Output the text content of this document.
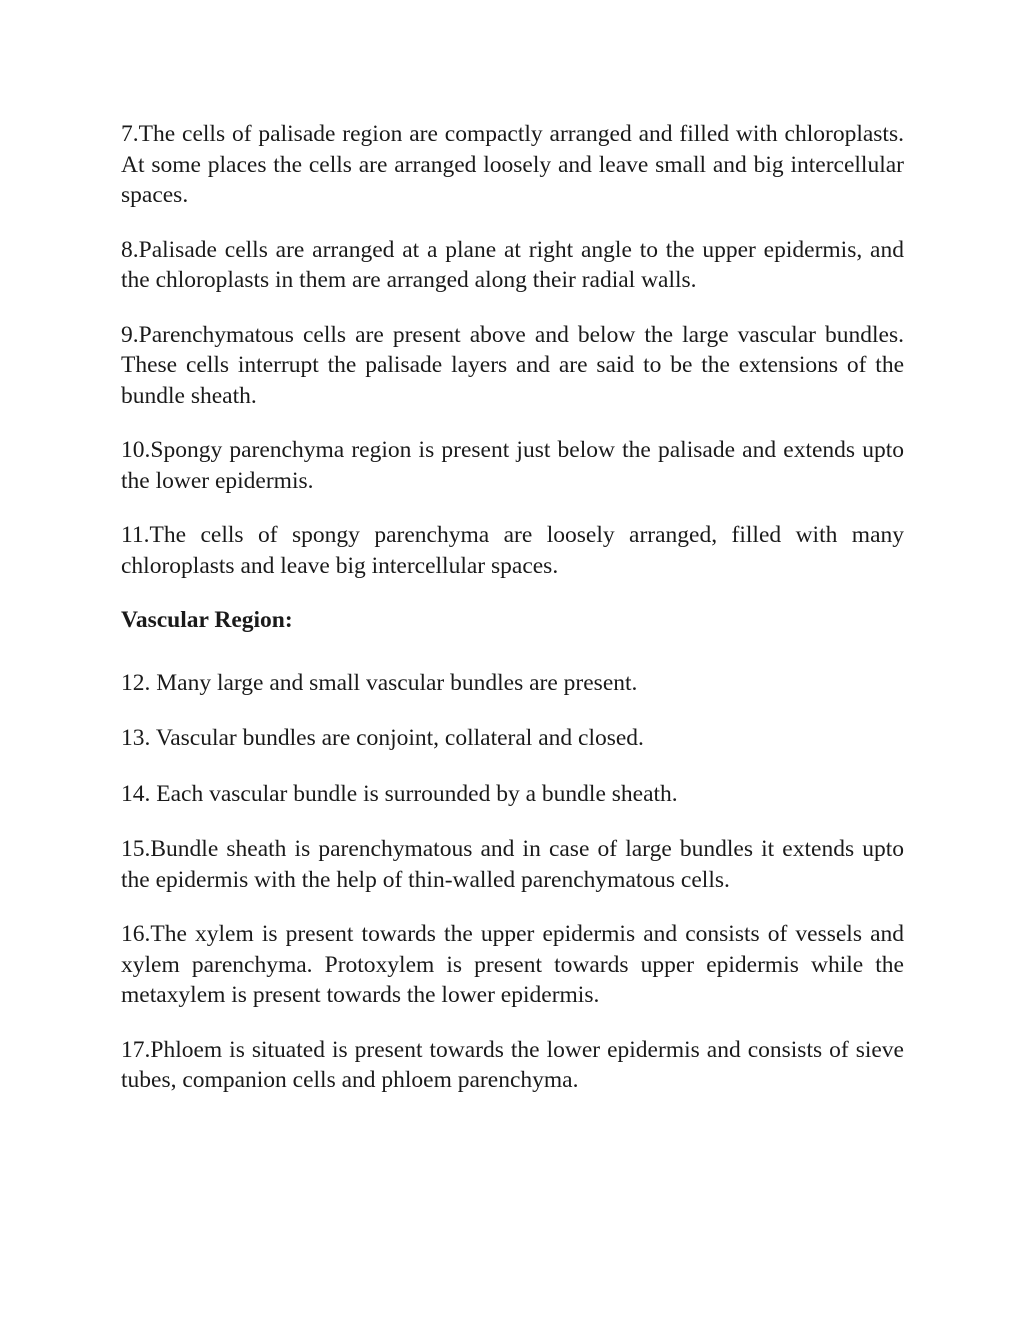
7.The cells of palisade region are compactly arranged and filled with chloroplasts. At some places the cells are arranged loosely and leave small and big intercellular spaces.

8.Palisade cells are arranged at a plane at right angle to the upper epidermis, and the chloroplasts in them are arranged along their radial walls.

9.Parenchymatous cells are present above and below the large vascular bundles. These cells interrupt the palisade layers and are said to be the extensions of the bundle sheath.

10.Spongy parenchyma region is present just below the palisade and extends upto the lower epidermis.

11.The cells of spongy parenchyma are loosely arranged, filled with many chloroplasts and leave big intercellular spaces.

Vascular Region:

12. Many large and small vascular bundles are present.

13. Vascular bundles are conjoint, collateral and closed.

14. Each vascular bundle is surrounded by a bundle sheath.

15.Bundle sheath is parenchymatous and in case of large bundles it extends upto the epidermis with the help of thin-walled parenchymatous cells.

16.The xylem is present towards the upper epidermis and consists of vessels and xylem parenchyma. Protoxylem is present towards upper epidermis while the metaxylem is present towards the lower epidermis.

17.Phloem is situated is present towards the lower epidermis and consists of sieve tubes, companion cells and phloem parenchyma.
